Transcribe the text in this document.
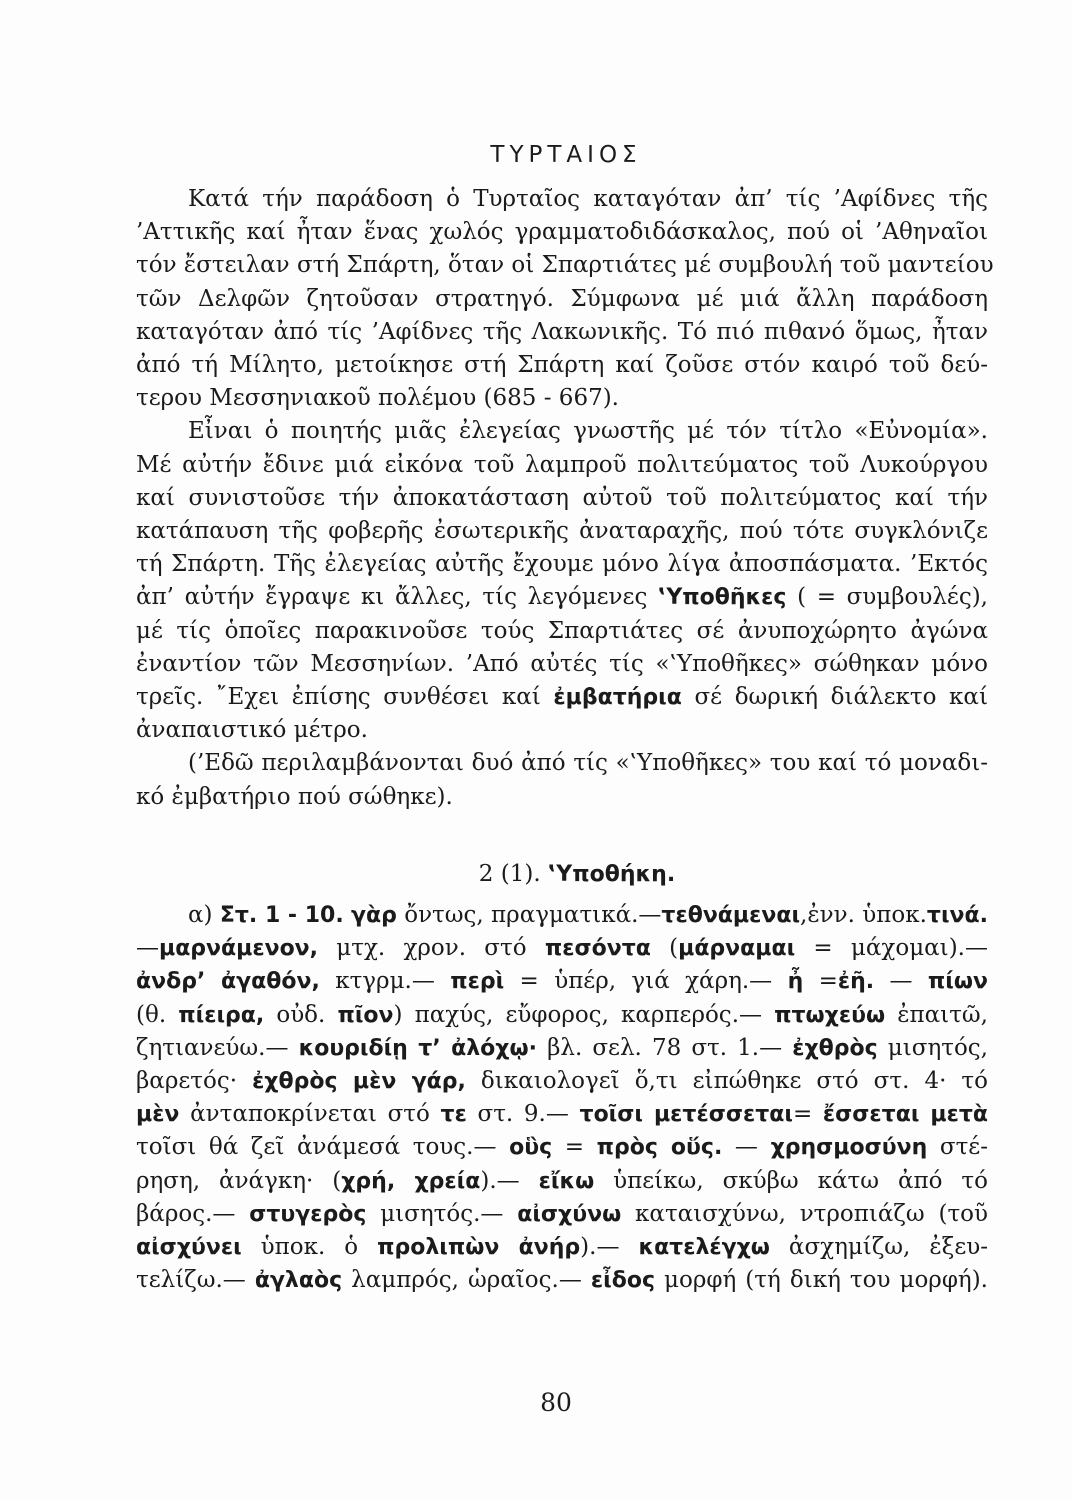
ΤΥΡΤΑΙΟΣ
Κατά τήν παράδοση ὁ Τυρταῖος καταγόταν ἀπ’ τίς ’Αφίδνες τῆς
’Αττικῆς καί ἦταν ἕνας χωλός γραμματοδιδάσκαλος, πού οἱ ’Αθηναῖοι
τόν ἔστειλαν στή Σπάρτη, ὅταν οἱ Σπαρτιάτες μέ συμβουλή τοῦ μαντείου
τῶν Δελφῶν ζητοῦσαν στρατηγό. Σύμφωνα μέ μιά ἄλλη παράδοση
καταγόταν ἀπό τίς ’Αφίδνες τῆς Λακωνικῆς. Τό πιό πιθανό ὅμως, ἦταν
ἀπό τή Μίλητο, μετοίκησε στή Σπάρτη καί ζοῦσε στόν καιρό τοῦ δεύ-
τερου Μεσσηνιακοῦ πολέμου (685 - 667).
Εἶναι ὁ ποιητής μιᾶς ἐλεγείας γνωστῆς μέ τόν τίτλο «Εὐνομία».
Μέ αὐτήν ἔδινε μιά εἰκόνα τοῦ λαμπροῦ πολιτεύματος τοῦ Λυκούργου
καί συνιστοῦσε τήν ἀποκατάσταση αὐτοῦ τοῦ πολιτεύματος καί τήν
κατάπαυση τῆς φοβερῆς ἐσωτερικῆς ἀναταραχῆς, πού τότε συγκλόνιζε
τή Σπάρτη. Τῆς ἐλεγείας αὐτῆς ἔχουμε μόνο λίγα ἀποσπάσματα. ’Εκτός
ἀπ’ αὐτήν ἔγραψε κι ἄλλες, τίς λεγόμενες ‛Υποθῆκες ( = συμβουλές),
μέ τίς ὁποῖες παρακινοῦσε τούς Σπαρτιάτες σέ ἀνυποχώρητο ἀγώνα
ἐναντίον τῶν Μεσσηνίων. ’Από αὐτές τίς «‛Υποθῆκες» σώθηκαν μόνο
τρεῖς. ῎Εχει ἐπίσης συνθέσει καί ἐμβατήρια σέ δωρική διάλεκτο καί
ἀναπαιστικό μέτρο.
(’Εδῶ περιλαμβάνονται δυό ἀπό τίς «‛Υποθῆκες» του καί τό μοναδι-
κό ἐμβατήριο πού σώθηκε).
2 (1). ‛Υποθήκη.
α) Στ. 1 - 10. γὰρ ὄντως, πραγματικά.—τεθνάμεναι,ἐνν. ὑποκ.τινά.
—μαρνάμενον, μτχ. χρον. στό πεσόντα (μάρναμαι = μάχομαι).—
ἀνδρ’ ἀγαθόν, κτγρμ.— περὶ = ὑπέρ, γιά χάρη.— ἦ =ἐῆ. — πίων
(θ. πίειρα, οὐδ. πῖον) παχύς, εὔφορος, καρπερός.— πτωχεύω ἐπαιτῶ,
ζητιανεύω.— κουριδίῃ τ’ ἀλόχῳ· βλ. σελ. 78 στ. 1.— ἐχθρὸς μισητός,
βαρετός· ἐχθρὸς μὲν γάρ, δικαιολογεῖ ὅ,τι εἰπώθηκε στό στ. 4· τό
μὲν ἀνταποκρίνεται στό τε στ. 9.— τοῖσι μετέσσεται= ἔσσεται μετὰ
τοῖσι θά ζεῖ ἀνάμεσά τους.— οὓς = πρὸς οὕς. — χρησμοσύνη στέ-
ρηση, ἀνάγκη· (χρή, χρεία).— εἴκω ὑπείκω, σκύβω κάτω ἀπό τό
βάρος.— στυγερὸς μισητός.— αἰσχύνω καταισχύνω, ντροπιάζω (τοῦ
αἰσχύνει ὑποκ. ὁ προλιπὼν ἀνήρ).— κατελέγχω ἀσχημίζω, ἐξευ-
τελίζω.— ἀγλαὸς λαμπρός, ὡραῖος.— εἶδος μορφή (τή δική του μορφή).
80
